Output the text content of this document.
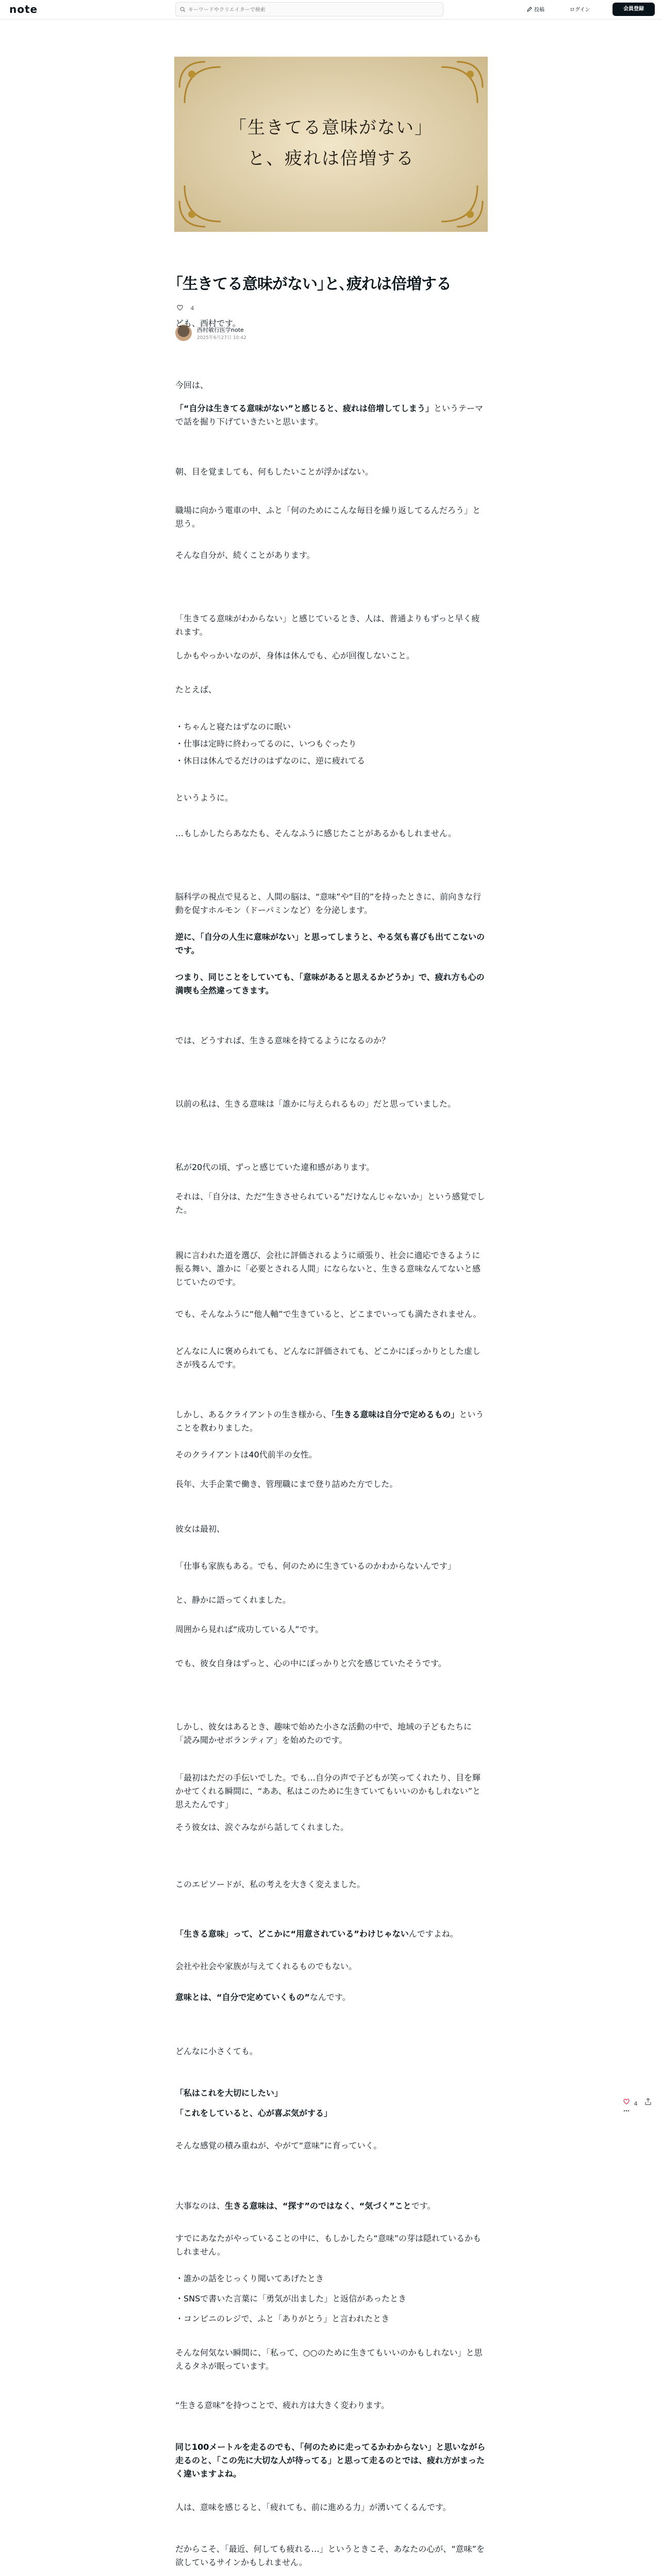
note
キーワードやクリエイターで検索	投稿	ログイン	会員登録
「生きてる意味がない」
と、疲れは倍増する
｢生きてる意味がない｣と､疲れは倍増する
4
西村敏行医学note
2025年6月27日 10:42

ども、西村です。

今回は、

「“自分は生きてる意味がない”と感じると、疲れは倍増してしまう」というテーマで話を掘り下げていきたいと思います。

朝、目を覚ましても、何もしたいことが浮かばない。

職場に向かう電車の中、ふと「何のためにこんな毎日を繰り返してるんだろう」と思う。

そんな自分が、続くことがあります。

「生きてる意味がわからない」と感じているとき、人は、普通よりもずっと早く疲れます。

しかもやっかいなのが、身体は休んでも、心が回復しないこと。

たとえば、

・ちゃんと寝たはずなのに眠い

・仕事は定時に終わってるのに、いつもぐったり

・休日は休んでるだけのはずなのに、逆に疲れてる

というように。

…もしかしたらあなたも、そんなふうに感じたことがあるかもしれません。

脳科学の視点で見ると、人間の脳は、“意味”や“目的”を持ったときに、前向きな行動を促すホルモン（ドーパミンなど）を分泌します。

逆に、「自分の人生に意味がない」と思ってしまうと、やる気も喜びも出てこないのです。

つまり、同じことをしていても、「意味があると思えるかどうか」で、疲れ方も心の満喫も全然違ってきます。

では、どうすれば、生きる意味を持てるようになるのか？

以前の私は、生きる意味は「誰かに与えられるもの」だと思っていました。

私が20代の頃、ずっと感じていた違和感があります。

それは、「自分は、ただ“生きさせられている”だけなんじゃないか」という感覚でした。

親に言われた道を選び、会社に評価されるように頑張り、社会に適応できるように振る舞い、誰かに「必要とされる人間」にならないと、生きる意味なんてないと感じていたのです。

でも、そんなふうに“他人軸”で生きていると、どこまでいっても満たされません。

どんなに人に褒められても、どんなに評価されても、どこかにぽっかりとした虚しさが残るんです。

しかし、あるクライアントの生き様から、「生きる意味は自分で定めるもの」ということを教わりました。

そのクライアントは40代前半の女性。

長年、大手企業で働き、管理職にまで登り詰めた方でした。

彼女は最初、

「仕事も家族もある。でも、何のために生きているのかわからないんです」

と、静かに語ってくれました。

周囲から見れば“成功している人”です。

でも、彼女自身はずっと、心の中にぽっかりと穴を感じていたそうです。

しかし、彼女はあるとき、趣味で始めた小さな活動の中で、地域の子どもたちに「読み聞かせボランティア」を始めたのです。

「最初はただの手伝いでした。でも…自分の声で子どもが笑ってくれたり、目を輝かせてくれる瞬間に、“ああ、私はこのために生きていてもいいのかもしれない”と思えたんです」

そう彼女は、涙ぐみながら話してくれました。

このエピソードが、私の考えを大きく変えました。

「生きる意味」って、どこかに“用意されている”わけじゃないんですよね。

会社や社会や家族が与えてくれるものでもない。

意味とは、“自分で定めていくもの”なんです。

どんなに小さくても。

「私はこれを大切にしたい」

「これをしていると、心が喜ぶ気がする」

そんな感覚の積み重ねが、やがて“意味”に育っていく。

大事なのは、生きる意味は、“探す”のではなく、“気づく”ことです。

すでにあなたがやっていることの中に、もしかしたら“意味”の芽は隠れているかもしれません。

・誰かの話をじっくり聞いてあげたとき

・SNSで書いた言葉に「勇気が出ました」と返信があったとき

・コンビニのレジで、ふと「ありがとう」と言われたとき

そんな何気ない瞬間に、「私って、○○のために生きてもいいのかもしれない」と思えるタネが眠っています。

“生きる意味”を持つことで、疲れ方は大きく変わります。

同じ100メートルを走るのでも、「何のために走ってるかわからない」と思いながら走るのと、「この先に大切な人が待ってる」と思って走るのとでは、疲れ方がまったく違いますよね。

人は、意味を感じると、「疲れても、前に進める力」が湧いてくるんです。

だからこそ、「最近、何しても疲れる…」というときこそ、あなたの心が、“意味”を欲しているサインかもしれません。

4
